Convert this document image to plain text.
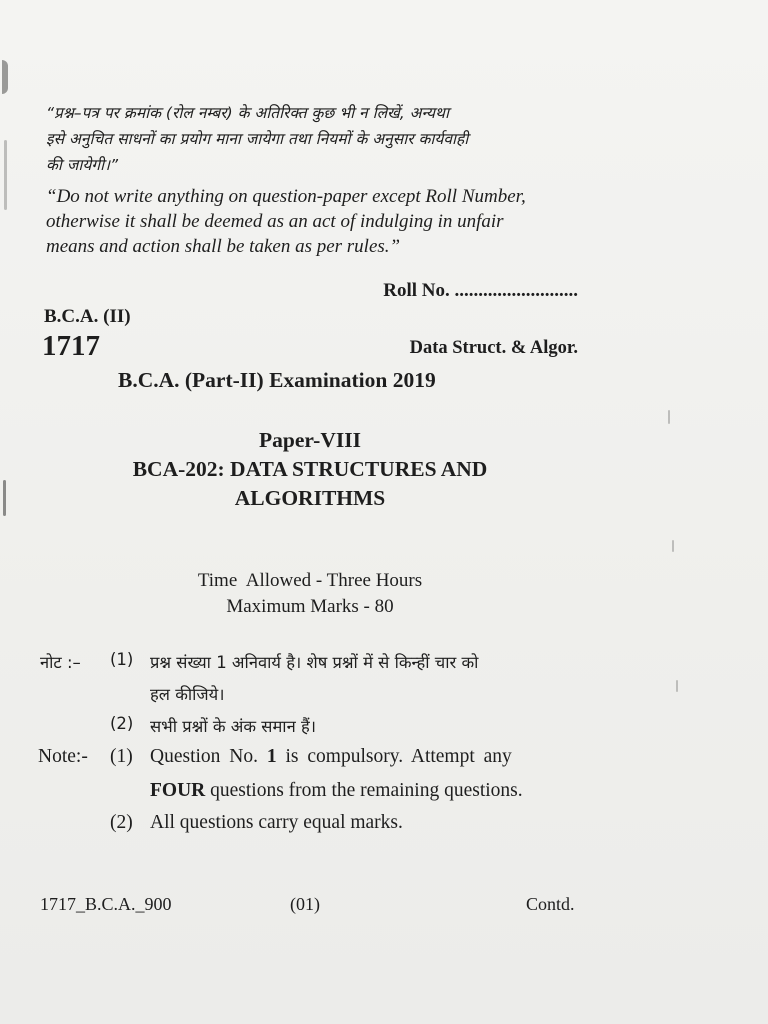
“प्रश्न–पत्र पर क्रमांक (रोल नम्बर) के अतिरिक्त कुछ भी न लिखें, अन्यथा
इसे अनुचित साधनों का प्रयोग माना जायेगा तथा नियमों के अनुसार कार्यवाही
की जायेगी।”
“Do not write anything on question-paper except Roll Number,
otherwise it shall be deemed as an act of indulging in unfair
means and action shall be taken as per rules.”
Roll No. ..........................
B.C.A. (II)
1717	Data Struct. & Algor.
B.C.A. (Part-II) Examination 2019
Paper-VIII
BCA-202: DATA STRUCTURES AND
ALGORITHMS
Time  Allowed - Three Hours
Maximum Marks - 80
नोट :– (1) प्रश्न संख्या 1 अनिवार्य है। शेष प्रश्नों में से किन्हीं चार को
हल कीजिये।
(2) सभी प्रश्नों के अंक समान हैं।
Note:- (1) Question No. 1 is compulsory. Attempt any
FOUR questions from the remaining questions.
(2) All questions carry equal marks.
1717_B.C.A._900	(01)	Contd.
